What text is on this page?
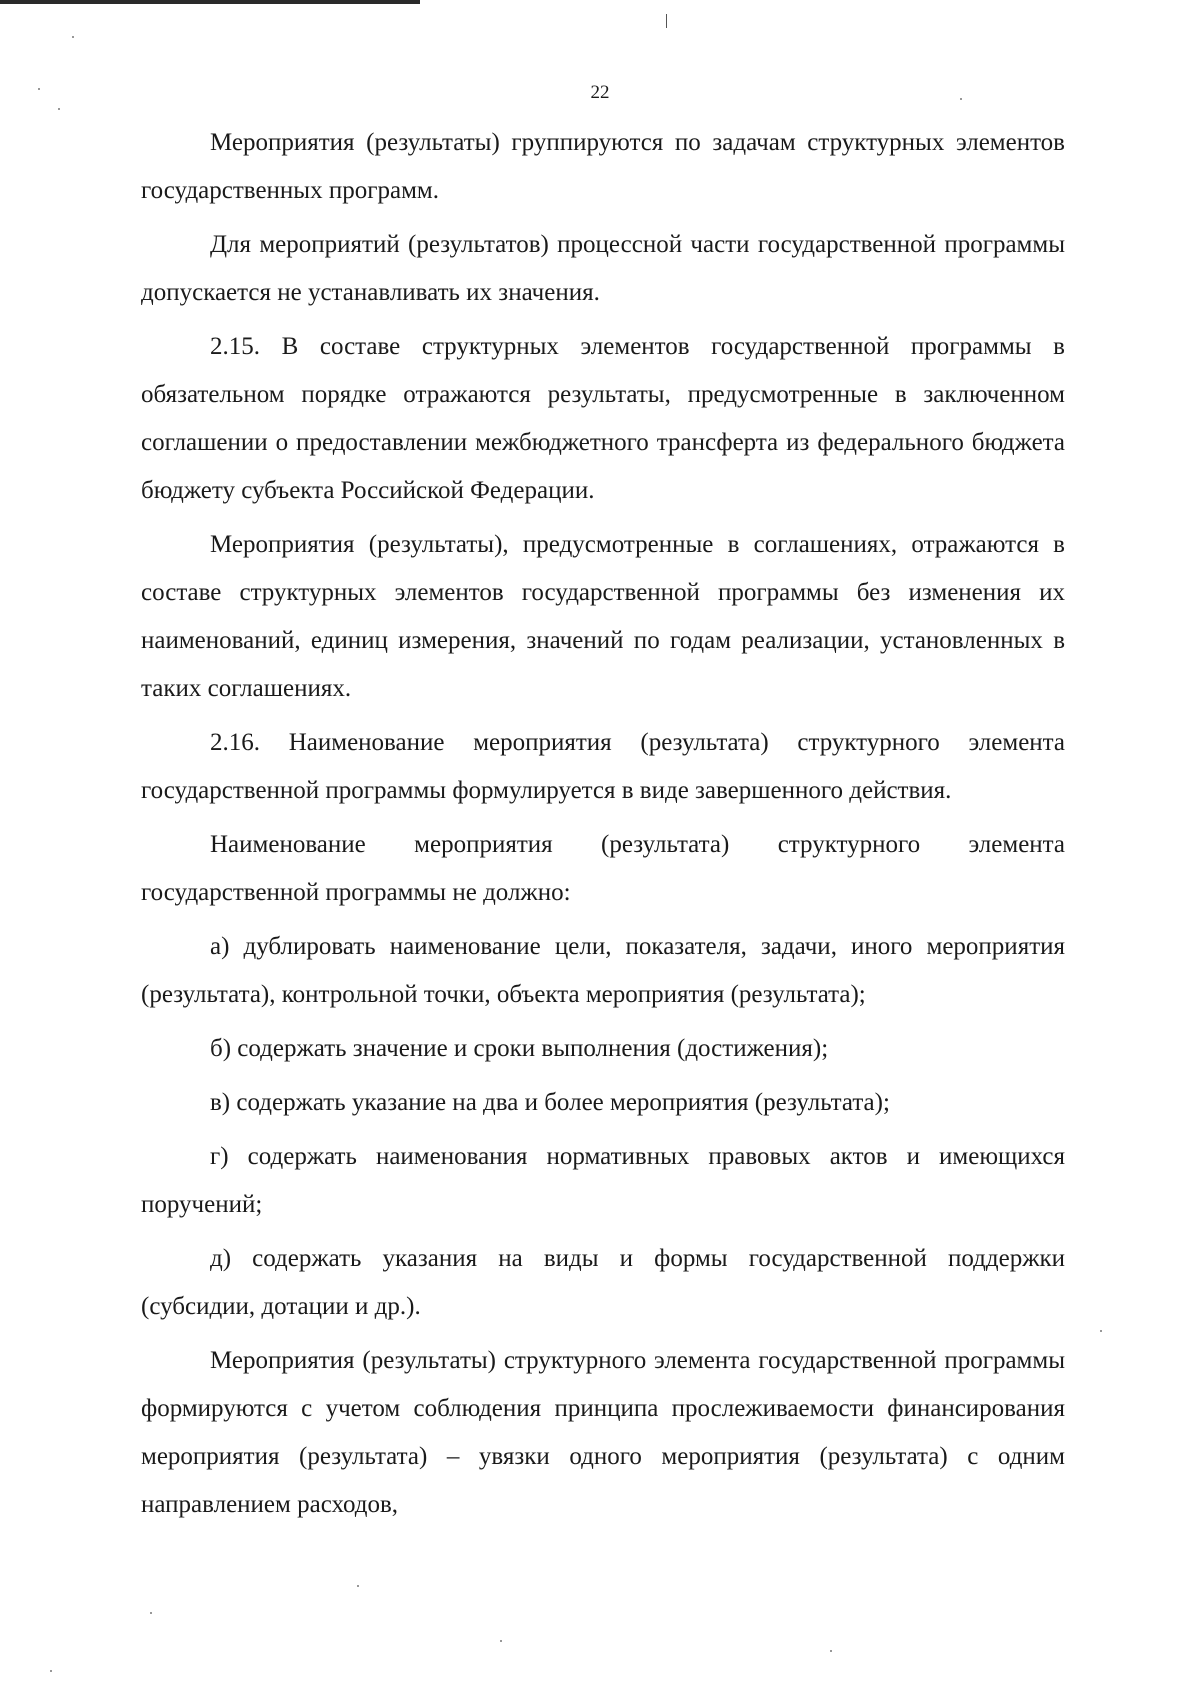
22

Мероприятия (результаты) группируются по задачам структурных элементов государственных программ.

Для мероприятий (результатов) процессной части государственной программы допускается не устанавливать их значения.

2.15. В составе структурных элементов государственной программы в обязательном порядке отражаются результаты, предусмотренные в заключенном соглашении о предоставлении межбюджетного трансферта из федерального бюджета бюджету субъекта Российской Федерации.

Мероприятия (результаты), предусмотренные в соглашениях, отражаются в составе структурных элементов государственной программы без изменения их наименований, единиц измерения, значений по годам реализации, установленных в таких соглашениях.

2.16. Наименование мероприятия (результата) структурного элемента государственной программы формулируется в виде завершенного действия.

Наименование мероприятия (результата) структурного элемента государственной программы не должно:

а) дублировать наименование цели, показателя, задачи, иного мероприятия (результата), контрольной точки, объекта мероприятия (результата);

б) содержать значение и сроки выполнения (достижения);

в) содержать указание на два и более мероприятия (результата);

г) содержать наименования нормативных правовых актов и имеющихся поручений;

д) содержать указания на виды и формы государственной поддержки (субсидии, дотации и др.).

Мероприятия (результаты) структурного элемента государственной программы формируются с учетом соблюдения принципа прослеживаемости финансирования мероприятия (результата) – увязки одного мероприятия (результата) с одним направлением расходов,
